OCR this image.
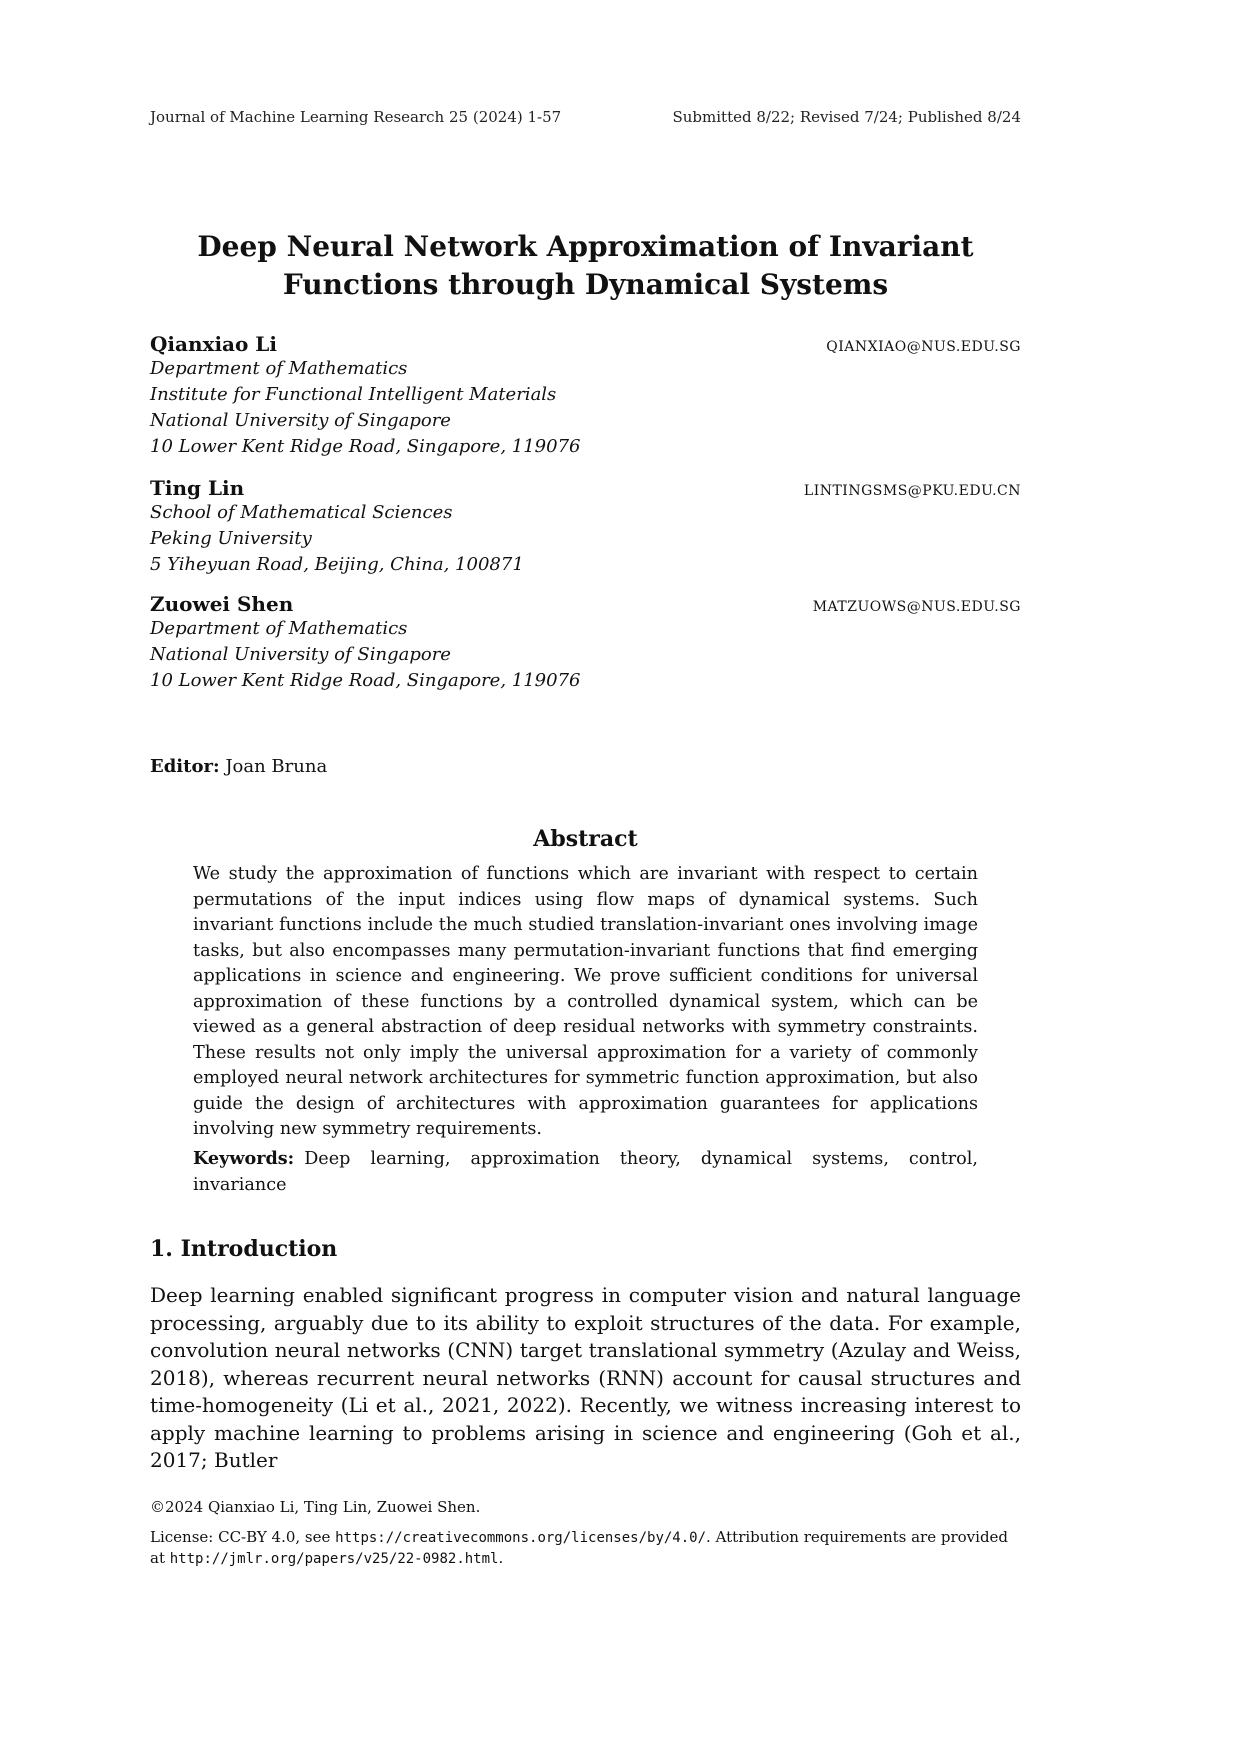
Journal of Machine Learning Research 25 (2024) 1-57	Submitted 8/22; Revised 7/24; Published 8/24
Deep Neural Network Approximation of Invariant
Functions through Dynamical Systems
Qianxiao Li	QIANXIAO@NUS.EDU.SG
Department of Mathematics
Institute for Functional Intelligent Materials
National University of Singapore
10 Lower Kent Ridge Road, Singapore, 119076
Ting Lin	LINTINGSMS@PKU.EDU.CN
School of Mathematical Sciences
Peking University
5 Yiheyuan Road, Beijing, China, 100871
Zuowei Shen	MATZUOWS@NUS.EDU.SG
Department of Mathematics
National University of Singapore
10 Lower Kent Ridge Road, Singapore, 119076
Editor: Joan Bruna
Abstract
We study the approximation of functions which are invariant with respect to certain permutations of the input indices using flow maps of dynamical systems. Such invariant functions include the much studied translation-invariant ones involving image tasks, but also encompasses many permutation-invariant functions that find emerging applications in science and engineering. We prove sufficient conditions for universal approximation of these functions by a controlled dynamical system, which can be viewed as a general abstraction of deep residual networks with symmetry constraints. These results not only imply the universal approximation for a variety of commonly employed neural network architectures for symmetric function approximation, but also guide the design of architectures with approximation guarantees for applications involving new symmetry requirements.
Keywords: Deep learning, approximation theory, dynamical systems, control, invariance
1. Introduction
Deep learning enabled significant progress in computer vision and natural language processing, arguably due to its ability to exploit structures of the data. For example, convolution neural networks (CNN) target translational symmetry (Azulay and Weiss, 2018), whereas recurrent neural networks (RNN) account for causal structures and time-homogeneity (Li et al., 2021, 2022). Recently, we witness increasing interest to apply machine learning to problems arising in science and engineering (Goh et al., 2017; Butler
©2024 Qianxiao Li, Ting Lin, Zuowei Shen.
License: CC-BY 4.0, see https://creativecommons.org/licenses/by/4.0/. Attribution requirements are provided at http://jmlr.org/papers/v25/22-0982.html.
